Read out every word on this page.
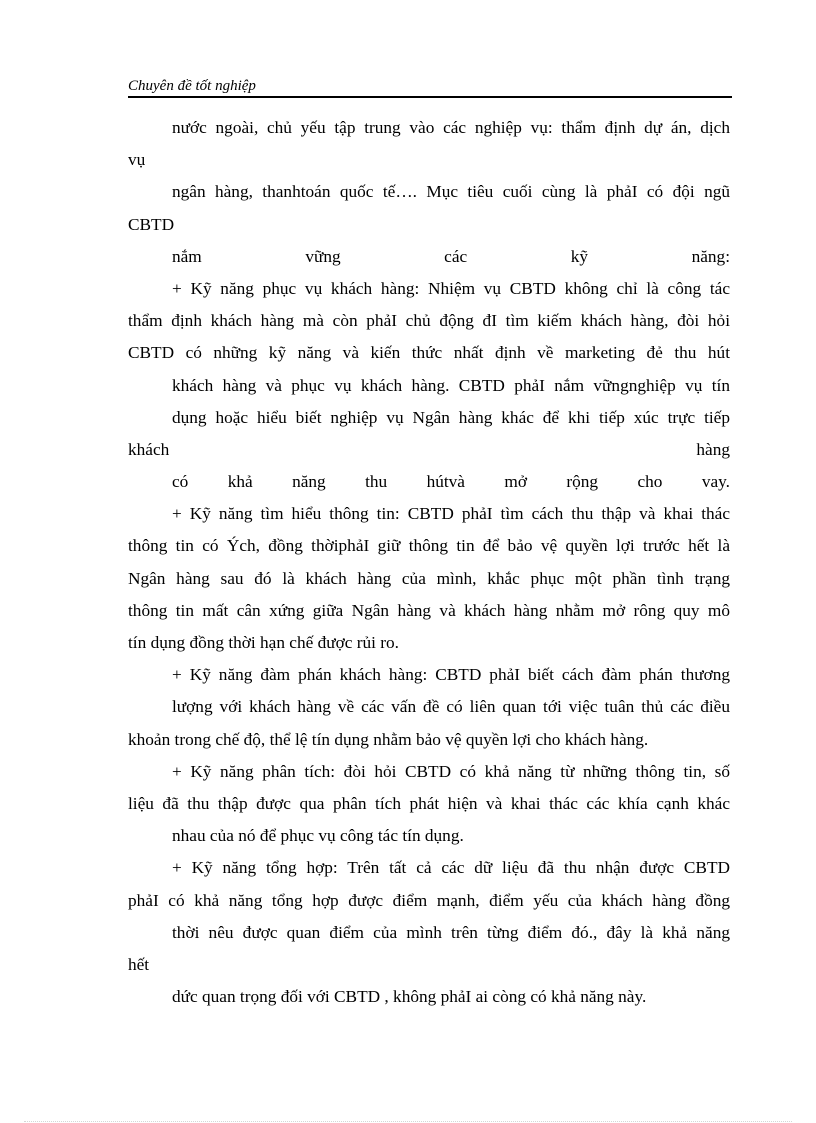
Chuyên đề tốt nghiệp
nước ngoài, chủ yếu tập trung vào các nghiệp vụ: thẩm định dự án, dịch
vụ
ngân hàng, thanhtoán quốc tế…. Mục tiêu cuối cùng là phảI có đội ngũ
CBTD
nắm vững các kỹ năng:
+ Kỹ năng phục vụ khách hàng: Nhiệm vụ CBTD không chỉ là công tác
thẩm định khách hàng mà còn phảI chủ động đI tìm kiếm khách hàng, đòi hỏi
CBTD có những kỹ năng và kiến thức nhất định về marketing đẻ thu hút
khách hàng và phục vụ khách hàng. CBTD phảI nắm vữngnghiệp vụ tín
dụng hoặc hiểu biết nghiệp vụ Ngân hàng khác để khi tiếp xúc trực tiếp
khách hàng
có khả năng thu hútvà mở rộng cho vay.
+ Kỹ năng tìm hiểu thông tin: CBTD phảI tìm cách thu thập và khai thác
thông tin có Ých, đồng thờiphảI giữ thông tin để bảo vệ quyền lợi trước hết là
Ngân hàng sau đó là khách hàng của mình, khắc phục một phần tình trạng
thông tin mất cân xứng giữa Ngân hàng và khách hàng nhằm mở rông quy mô
tín dụng đồng thời hạn chế được rủi ro.
+ Kỹ năng đàm phán khách hàng: CBTD phảI biết cách đàm phán thương
lượng với khách hàng về các vấn đề có liên quan tới việc tuân thủ các điều
khoản trong chế độ, thể lệ tín dụng nhằm bảo vệ quyền lợi cho khách hàng.
+ Kỹ năng phân tích: đòi hỏi CBTD có khả năng từ những thông tin, số
liệu đã thu thập được qua phân tích phát hiện và khai thác các khía cạnh khác
nhau của nó để phục vụ công tác tín dụng.
+ Kỹ năng tổng hợp: Trên tất cả các dữ liệu đã thu nhận được CBTD
phảI có khả năng tổng hợp được điểm mạnh, điểm yếu của khách hàng đồng
thời nêu được quan điểm của mình trên từng điểm đó., đây là khả năng
hết
dức quan trọng đối với CBTD , không phảI ai còng có khả năng này.
